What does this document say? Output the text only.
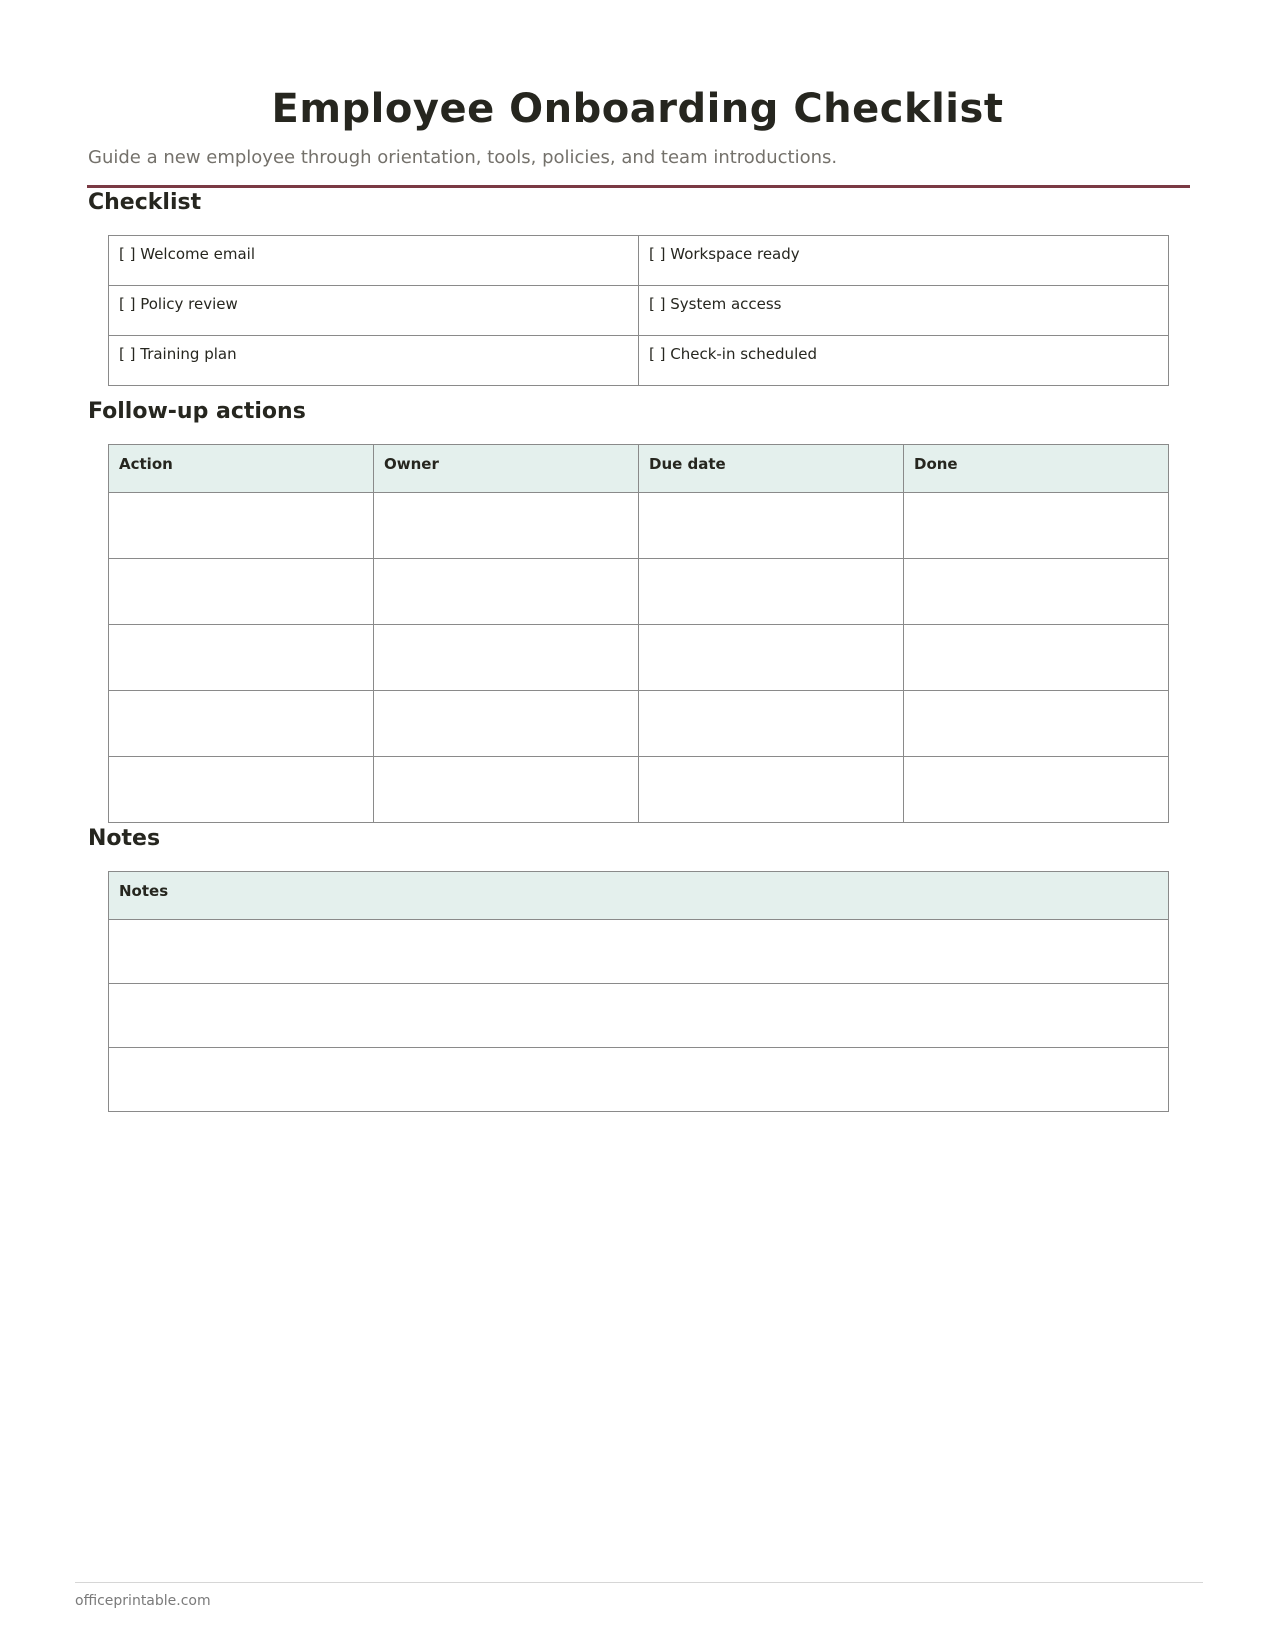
Employee Onboarding Checklist

Guide a new employee through orientation, tools, policies, and team introductions.

Checklist
[ ] Welcome email	[ ] Workspace ready
[ ] Policy review	[ ] System access
[ ] Training plan	[ ] Check-in scheduled
Follow-up actions
Action	Owner	Due date	Done

Notes
Notes

officeprintable.com
